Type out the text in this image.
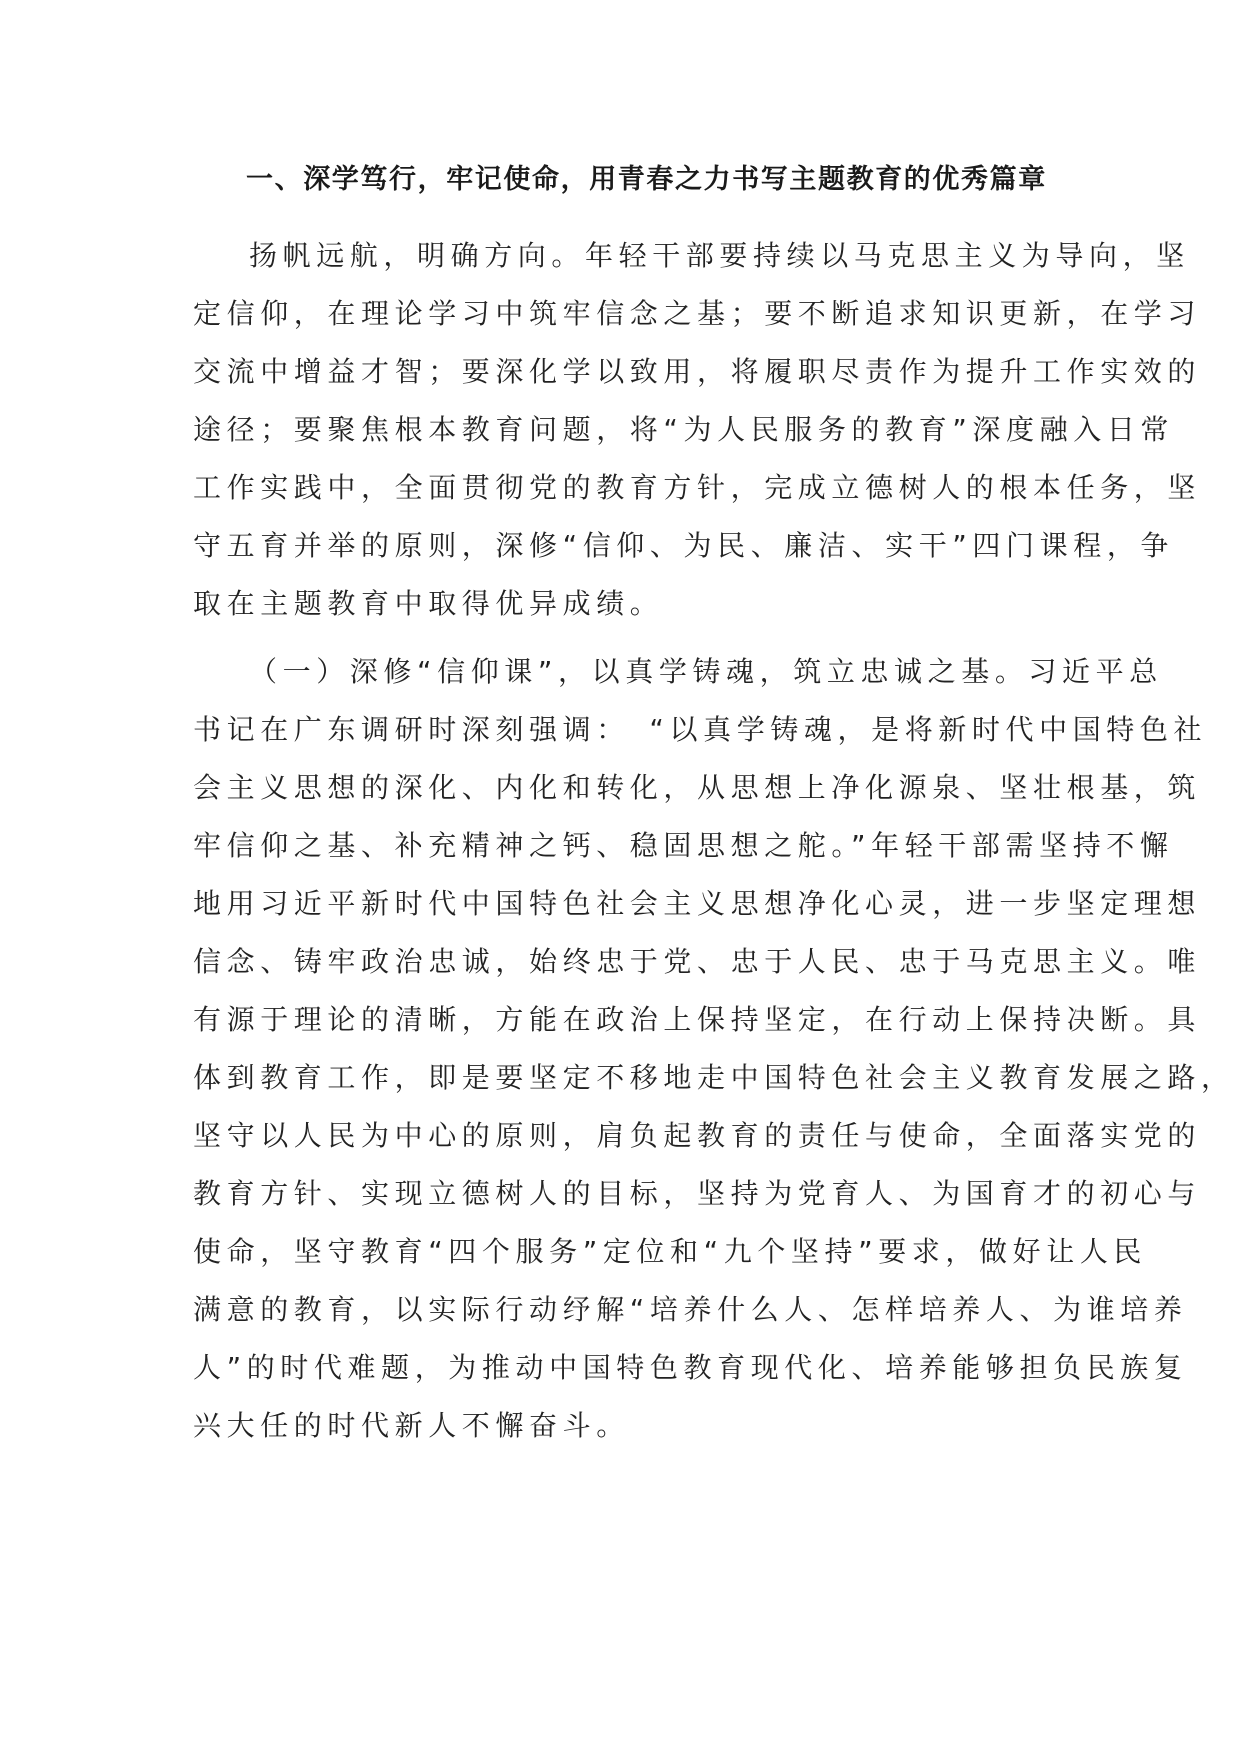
一、深学笃行，牢记使命，用青春之力书写主题教育的优秀篇章

扬帆远航，明确方向。年轻干部要持续以马克思主义为导向，坚
定信仰，在理论学习中筑牢信念之基；要不断追求知识更新，在学习
交流中增益才智；要深化学以致用，将履职尽责作为提升工作实效的
途径；要聚焦根本教育问题，将“为人民服务的教育”深度融入日常
工作实践中，全面贯彻党的教育方针，完成立德树人的根本任务，坚
守五育并举的原则，深修“信仰、为民、廉洁、实干”四门课程，争
取在主题教育中取得优异成绩。

（一）深修“信仰课”，以真学铸魂，筑立忠诚之基。习近平总
书记在广东调研时深刻强调：　“以真学铸魂，是将新时代中国特色社
会主义思想的深化、内化和转化，从思想上净化源泉、坚壮根基，筑
牢信仰之基、补充精神之钙、稳固思想之舵。”年轻干部需坚持不懈
地用习近平新时代中国特色社会主义思想净化心灵，进一步坚定理想
信念、铸牢政治忠诚，始终忠于党、忠于人民、忠于马克思主义。唯
有源于理论的清晰，方能在政治上保持坚定，在行动上保持决断。具
体到教育工作，即是要坚定不移地走中国特色社会主义教育发展之路，
坚守以人民为中心的原则，肩负起教育的责任与使命，全面落实党的
教育方针、实现立德树人的目标，坚持为党育人、为国育才的初心与
使命，坚守教育“四个服务”定位和“九个坚持”要求，做好让人民
满意的教育，以实际行动纾解“培养什么人、怎样培养人、为谁培养
人”的时代难题，为推动中国特色教育现代化、培养能够担负民族复
兴大任的时代新人不懈奋斗。
